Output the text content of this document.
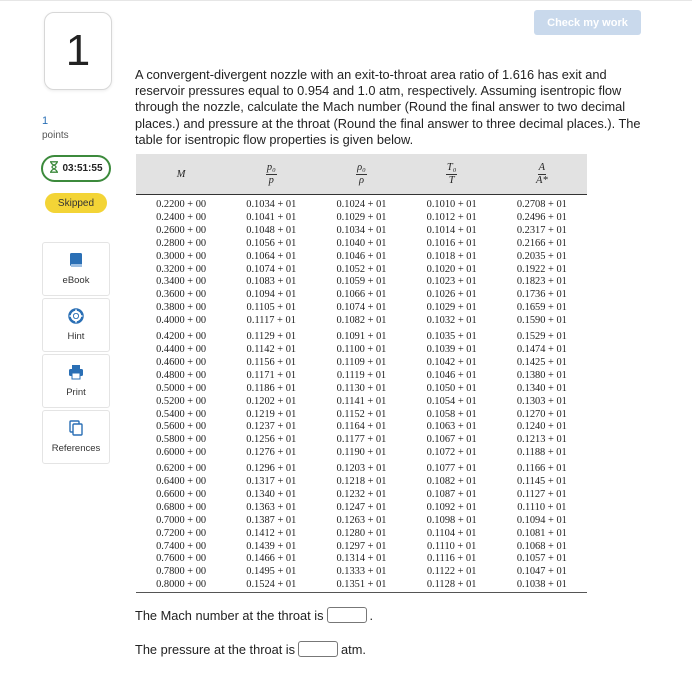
Check my work
1
1
points
03:51:55
Skipped
eBook
Hint
Print
References
A convergent-divergent nozzle with an exit-to-throat area ratio of 1.616 has exit and reservoir pressures equal to 0.954 and 1.0 atm, respectively. Assuming isentropic flow through the nozzle, calculate the Mach number (Round the final answer to two decimal places.) and pressure at the throat (Round the final answer to three decimal places.). The table for isentropic flow properties is given below.
M	$\frac{\text{p₀}}{p}$	$\frac{\text{ρ₀}}{\rho}$	$\frac{\text{T₀}}{T}$	$\frac{A}{A*}$

0.2200 + 00	0.1034 + 01	0.1024 + 01	0.1010 + 01	0.2708 + 01
0.2400 + 00	0.1041 + 01	0.1029 + 01	0.1012 + 01	0.2496 + 01
0.2600 + 00	0.1048 + 01	0.1034 + 01	0.1014 + 01	0.2317 + 01
0.2800 + 00	0.1056 + 01	0.1040 + 01	0.1016 + 01	0.2166 + 01
0.3000 + 00	0.1064 + 01	0.1046 + 01	0.1018 + 01	0.2035 + 01
0.3200 + 00	0.1074 + 01	0.1052 + 01	0.1020 + 01	0.1922 + 01
0.3400 + 00	0.1083 + 01	0.1059 + 01	0.1023 + 01	0.1823 + 01
0.3600 + 00	0.1094 + 01	0.1066 + 01	0.1026 + 01	0.1736 + 01
0.3800 + 00	0.1105 + 01	0.1074 + 01	0.1029 + 01	0.1659 + 01
0.4000 + 00	0.1117 + 01	0.1082 + 01	0.1032 + 01	0.1590 + 01
0.4200 + 00	0.1129 + 01	0.1091 + 01	0.1035 + 01	0.1529 + 01
0.4400 + 00	0.1142 + 01	0.1100 + 01	0.1039 + 01	0.1474 + 01
0.4600 + 00	0.1156 + 01	0.1109 + 01	0.1042 + 01	0.1425 + 01
0.4800 + 00	0.1171 + 01	0.1119 + 01	0.1046 + 01	0.1380 + 01
0.5000 + 00	0.1186 + 01	0.1130 + 01	0.1050 + 01	0.1340 + 01
0.5200 + 00	0.1202 + 01	0.1141 + 01	0.1054 + 01	0.1303 + 01
0.5400 + 00	0.1219 + 01	0.1152 + 01	0.1058 + 01	0.1270 + 01
0.5600 + 00	0.1237 + 01	0.1164 + 01	0.1063 + 01	0.1240 + 01
0.5800 + 00	0.1256 + 01	0.1177 + 01	0.1067 + 01	0.1213 + 01
0.6000 + 00	0.1276 + 01	0.1190 + 01	0.1072 + 01	0.1188 + 01
0.6200 + 00	0.1296 + 01	0.1203 + 01	0.1077 + 01	0.1166 + 01
0.6400 + 00	0.1317 + 01	0.1218 + 01	0.1082 + 01	0.1145 + 01
0.6600 + 00	0.1340 + 01	0.1232 + 01	0.1087 + 01	0.1127 + 01
0.6800 + 00	0.1363 + 01	0.1247 + 01	0.1092 + 01	0.1110 + 01
0.7000 + 00	0.1387 + 01	0.1263 + 01	0.1098 + 01	0.1094 + 01
0.7200 + 00	0.1412 + 01	0.1280 + 01	0.1104 + 01	0.1081 + 01
0.7400 + 00	0.1439 + 01	0.1297 + 01	0.1110 + 01	0.1068 + 01
0.7600 + 00	0.1466 + 01	0.1314 + 01	0.1116 + 01	0.1057 + 01
0.7800 + 00	0.1495 + 01	0.1333 + 01	0.1122 + 01	0.1047 + 01
0.8000 + 00	0.1524 + 01	0.1351 + 01	0.1128 + 01	0.1038 + 01
The Mach number at the throat is	.
The pressure at the throat is	atm.
